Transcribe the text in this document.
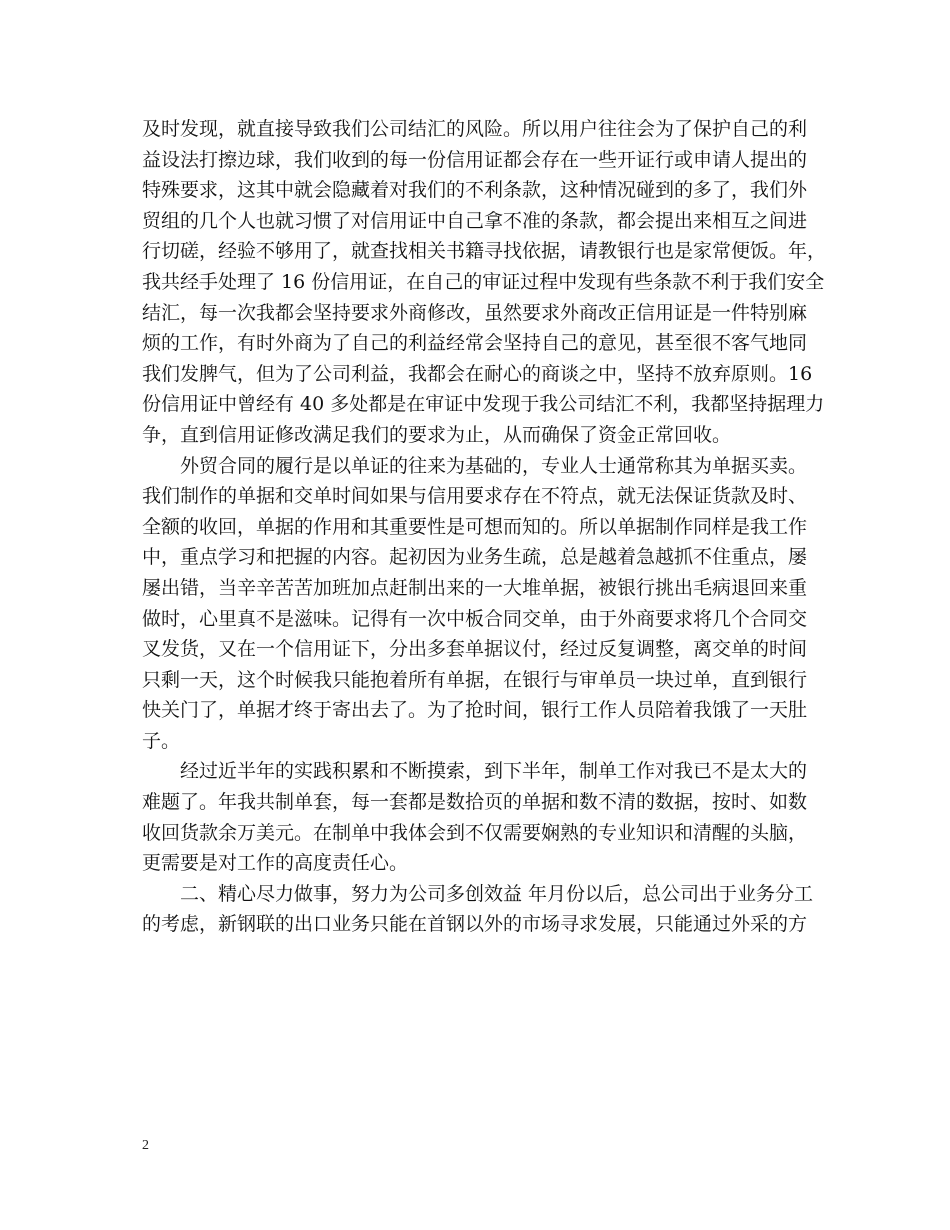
及时发现，就直接导致我们公司结汇的风险。所以用户往往会为了保护自己的利
益设法打擦边球，我们收到的每一份信用证都会存在一些开证行或申请人提出的
特殊要求，这其中就会隐藏着对我们的不利条款，这种情况碰到的多了，我们外
贸组的几个人也就习惯了对信用证中自己拿不准的条款，都会提出来相互之间进
行切磋，经验不够用了，就查找相关书籍寻找依据，请教银行也是家常便饭。年，
我共经手处理了 16 份信用证，在自己的审证过程中发现有些条款不利于我们安全
结汇，每一次我都会坚持要求外商修改，虽然要求外商改正信用证是一件特别麻
烦的工作，有时外商为了自己的利益经常会坚持自己的意见，甚至很不客气地同
我们发脾气，但为了公司利益，我都会在耐心的商谈之中，坚持不放弃原则。16
份信用证中曾经有 40 多处都是在审证中发现于我公司结汇不利，我都坚持据理力
争，直到信用证修改满足我们的要求为止，从而确保了资金正常回收。
　　外贸合同的履行是以单证的往来为基础的，专业人士通常称其为单据买卖。
我们制作的单据和交单时间如果与信用要求存在不符点，就无法保证货款及时、
全额的收回，单据的作用和其重要性是可想而知的。所以单据制作同样是我工作
中，重点学习和把握的内容。起初因为业务生疏，总是越着急越抓不住重点，屡
屡出错，当辛辛苦苦加班加点赶制出来的一大堆单据，被银行挑出毛病退回来重
做时，心里真不是滋味。记得有一次中板合同交单，由于外商要求将几个合同交
叉发货，又在一个信用证下，分出多套单据议付，经过反复调整，离交单的时间
只剩一天，这个时候我只能抱着所有单据，在银行与审单员一块过单，直到银行
快关门了，单据才终于寄出去了。为了抢时间，银行工作人员陪着我饿了一天肚
子。
　　经过近半年的实践积累和不断摸索，到下半年，制单工作对我已不是太大的
难题了。年我共制单套，每一套都是数拾页的单据和数不清的数据，按时、如数
收回货款余万美元。在制单中我体会到不仅需要娴熟的专业知识和清醒的头脑，
更需要是对工作的高度责任心。
　　二、精心尽力做事，努力为公司多创效益 年月份以后，总公司出于业务分工
的考虑，新钢联的出口业务只能在首钢以外的市场寻求发展，只能通过外采的方
2
